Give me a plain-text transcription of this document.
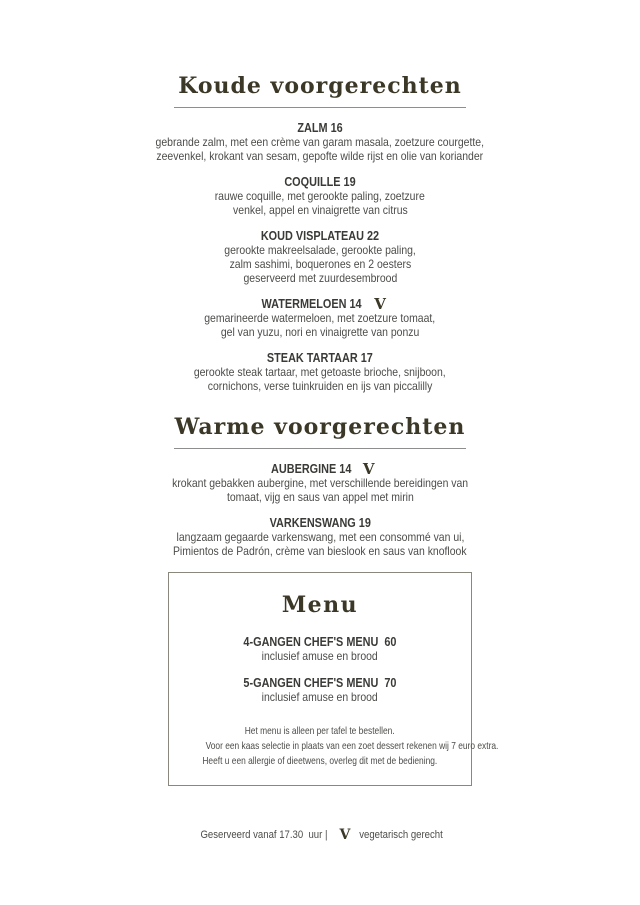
Koude voorgerechten
ZALM 16
gebrande zalm, met een crème van garam masala, zoetzure courgette,
zeevenkel, krokant van sesam, gepofte wilde rijst en olie van koriander
COQUILLE 19
rauwe coquille, met gerookte paling, zoetzure
venkel, appel en vinaigrette van citrus
KOUD VISPLATEAU 22
gerookte makreelsalade, gerookte paling,
zalm sashimi, boquerones en 2 oesters
geserveerd met zuurdesembrood
WATERMELOEN 14 V
gemarineerde watermeloen, met zoetzure tomaat,
gel van yuzu, nori en vinaigrette van ponzu
STEAK TARTAAR 17
gerookte steak tartaar, met getoaste brioche, snijboon,
cornichons, verse tuinkruiden en ijs van piccalilly
Warme voorgerechten
AUBERGINE 14 V
krokant gebakken aubergine, met verschillende bereidingen van
tomaat, vijg en saus van appel met mirin
VARKENSWANG 19
langzaam gegaarde varkenswang, met een consommé van ui,
Pimientos de Padrón, crème van bieslook en saus van knoflook
Menu
4-GANGEN CHEF'S MENU  60
inclusief amuse en brood
5-GANGEN CHEF'S MENU  70
inclusief amuse en brood
Het menu is alleen per tafel te bestellen.
Voor een kaas selectie in plaats van een zoet dessert rekenen wij 7 euro extra.
Heeft u een allergie of dieetwens, overleg dit met de bediening.
Geserveerd vanaf 17.30  uur | V vegetarisch gerecht
